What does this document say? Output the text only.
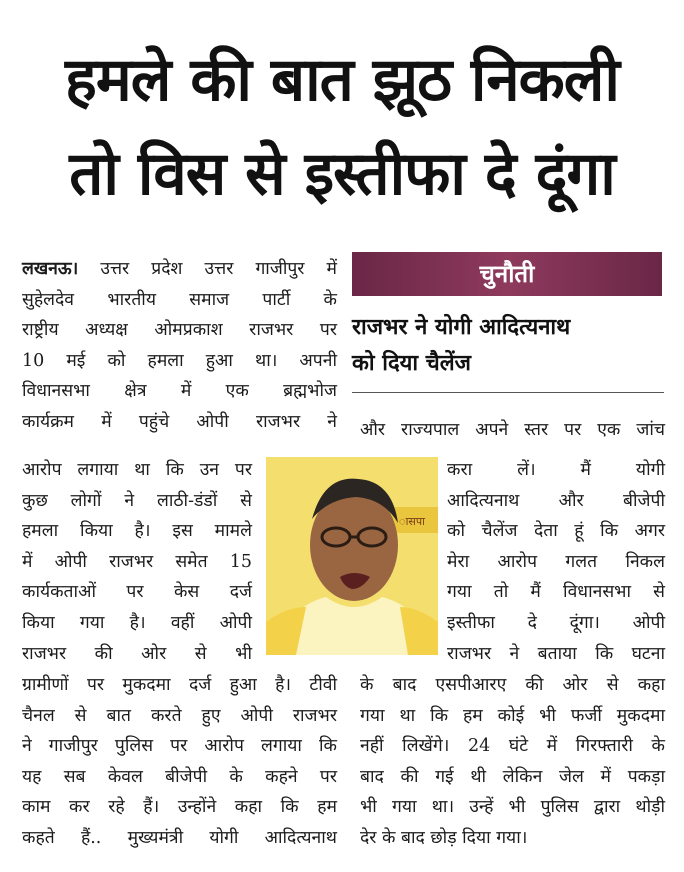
हमले की बात झूठ निकली
तो विस से इस्तीफा दे दूंगा
लखनऊ। उत्तर प्रदेश उत्तर गाजीपुर में
सुहेलदेव भारतीय समाज पार्टी के
राष्ट्रीय अध्यक्ष ओमप्रकाश राजभर पर
10 मई को हमला हुआ था। अपनी
विधानसभा क्षेत्र में एक ब्रह्मभोज
कार्यक्रम में पहुंचे ओपी राजभर ने
चुनौती
राजभर ने योगी आदित्यनाथ
को दिया चैलेंज
और राज्यपाल अपने स्तर पर एक जांच
आरोप लगाया था कि उन पर
कुछ लोगों ने लाठी-डंडों से
हमला किया है। इस मामले
में ओपी राजभर समेत 15
कार्यकताओं पर केस दर्ज
किया गया है। वहीं ओपी
राजभर की ओर से भी
ासपा
करा लें। मैं योगी
आदित्यनाथ और बीजेपी
को चैलेंज देता हूं कि अगर
मेरा आरोप गलत निकल
गया तो मैं विधानसभा से
इस्तीफा दे दूंगा। ओपी
राजभर ने बताया कि घटना
ग्रामीणों पर मुकदमा दर्ज हुआ है। टीवी
चैनल से बात करते हुए ओपी राजभर
ने गाजीपुर पुलिस पर आरोप लगाया कि
यह सब केवल बीजेपी के कहने पर
काम कर रहे हैं। उन्होंने कहा कि हम
कहते हैं.. मुख्यमंत्री योगी आदित्यनाथ
के बाद एसपीआरए की ओर से कहा
गया था कि हम कोई भी फर्जी मुकदमा
नहीं लिखेंगे। 24 घंटे में गिरफ्तारी के
बाद की गई थी लेकिन जेल में पकड़ा
भी गया था। उन्हें भी पुलिस द्वारा थोड़ी
देर के बाद छोड़ दिया गया।
